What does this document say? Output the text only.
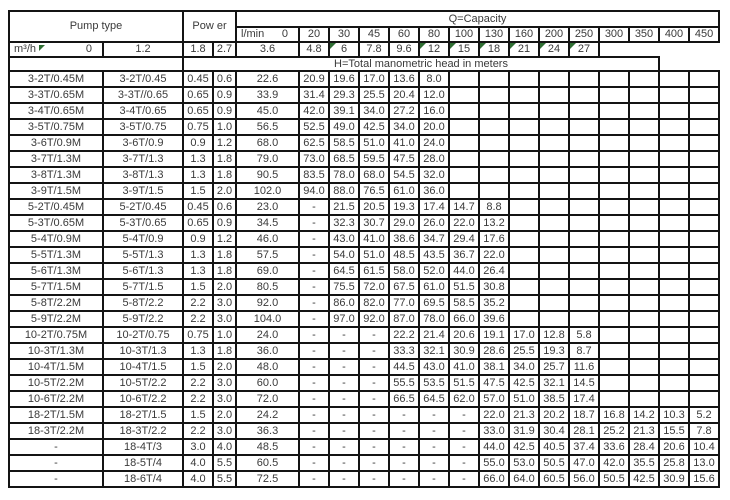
Pump type		Pow er		Q=Capacity														

				l/min 0	20	30	45	60	80	100	130	160	200	250	300	350	400	450

m³/h 0	1.2	1.8	2.7	3.6	4.8	6	7.8	9.6	12	15	18	21	24	27				
		H=Total manometric head in meters																
3-2T/0.45M	3-2T/0.45	0.45	0.6	22.6	20.9	19.6	17.0	13.6	8.0									
3-3T/0.65M	3-3T//0.65	0.65	0.9	33.9	31.4	29.3	25.5	20.4	12.0									
3-4T/0.65M	3-4T/0.65	0.65	0.9	45.0	42.0	39.1	34.0	27.2	16.0									
3-5T/0.75M	3-5T/0.75	0.75	1.0	56.5	52.5	49.0	42.5	34.0	20.0									
3-6T/0.9M	3-6T/0.9	0.9	1.2	68.0	62.5	58.5	51.0	41.0	24.0									
3-7T/1.3M	3-7T/1.3	1.3	1.8	79.0	73.0	68.5	59.5	47.5	28.0									
3-8T/1.3M	3-8T/1.3	1.3	1.8	90.5	83.5	78.0	68.0	54.5	32.0									
3-9T/1.5M	3-9T/1.5	1.5	2.0	102.0	94.0	88.0	76.5	61.0	36.0									
5-2T/0.45M	5-2T/0.45	0.45	0.6	23.0	-	21.5	20.5	19.3	17.4	14.7	8.8							
5-3T/0.65M	5-3T/0.65	0.65	0.9	34.5	-	32.3	30.7	29.0	26.0	22.0	13.2							
5-4T/0.9M	5-4T/0.9	0.9	1.2	46.0	-	43.0	41.0	38.6	34.7	29.4	17.6							
5-5T/1.3M	5-5T/1.3	1.3	1.8	57.5	-	54.0	51.0	48.5	43.5	36.7	22.0							
5-6T/1.3M	5-6T/1.3	1.3	1.8	69.0	-	64.5	61.5	58.0	52.0	44.0	26.4							
5-7T/1.5M	5-7T/1.5	1.5	2.0	80.5	-	75.5	72.0	67.5	61.0	51.5	30.8							
5-8T/2.2M	5-8T/2.2	2.2	3.0	92.0	-	86.0	82.0	77.0	69.5	58.5	35.2							
5-9T/2.2M	5-9T/2.2	2.2	3.0	104.0	-	97.0	92.0	87.0	78.0	66.0	39.6							
10-2T/0.75M	10-2T/0.75	0.75	1.0	24.0	-	-	-	22.2	21.4	20.6	19.1	17.0	12.8	5.8				
10-3T/1.3M	10-3T/1.3	1.3	1.8	36.0	-	-	-	33.3	32.1	30.9	28.6	25.5	19.3	8.7				
10-4T/1.5M	10-4T/1.5	1.5	2.0	48.0	-	-	-	44.5	43.0	41.0	38.1	34.0	25.7	11.6				
10-5T/2.2M	10-5T/2.2	2.2	3.0	60.0	-	-	-	55.5	53.5	51.5	47.5	42.5	32.1	14.5				
10-6T/2.2M	10-6T/2.2	2.2	3.0	72.0	-	-	-	66.5	64.5	62.0	57.0	51.0	38.5	17.4				
18-2T/1.5M	18-2T/1.5	1.5	2.0	24.2	-	-	-	-	-	-	22.0	21.3	20.2	18.7	16.8	14.2	10.3	5.2
18-3T/2.2M	18-3T/2.2	2.2	3.0	36.3	-	-	-	-	-	-	33.0	31.9	30.4	28.1	25.2	21.3	15.5	7.8
-	18-4T/3	3.0	4.0	48.5	-	-	-	-	-	-	44.0	42.5	40.5	37.4	33.6	28.4	20.6	10.4
-	18-5T/4	4.0	5.5	60.5	-	-	-	-	-	-	55.0	53.0	50.5	47.0	42.0	35.5	25.8	13.0
-	18-6T/4	4.0	5.5	72.5	-	-	-	-	-	-	66.0	64.0	60.5	56.0	50.5	42.5	30.9	15.6
